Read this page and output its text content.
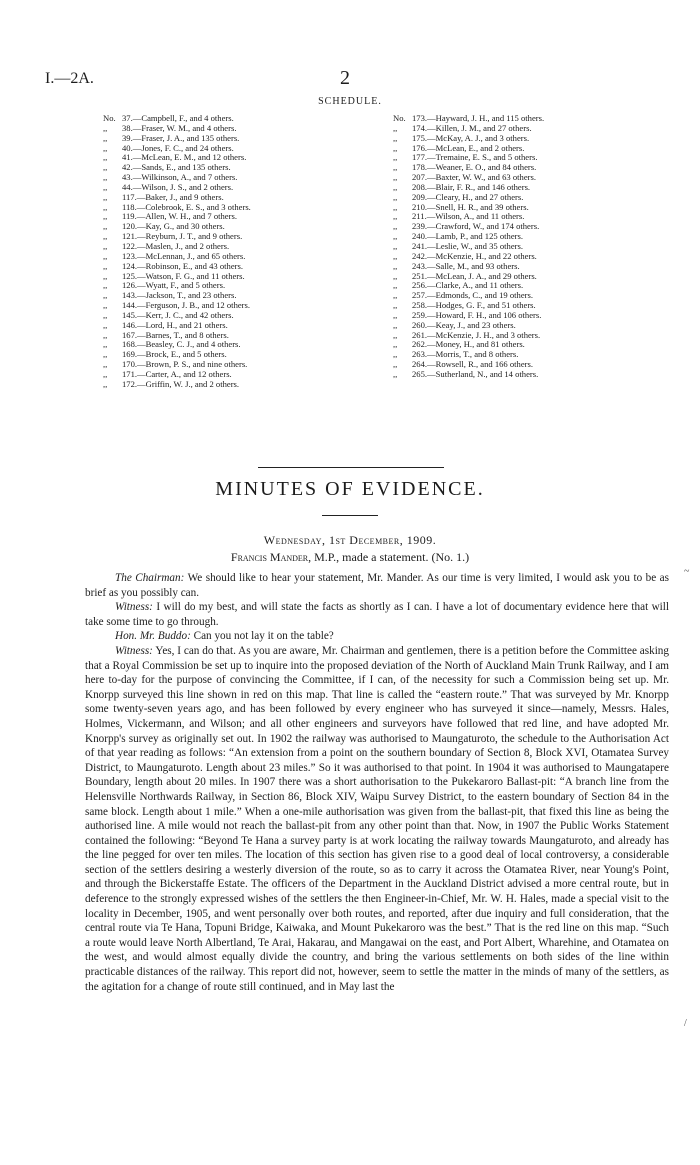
I.—2A.	2
SCHEDULE.
No. 37.—Campbell, F., and 4 others.
,,	38.—Fraser, W. M., and 4 others.
,,	39.—Fraser, J. A., and 135 others.
,,	40.—Jones, F. C., and 24 others.
,,	41.—McLean, E. M., and 12 others.
,,	42.—Sands, E., and 135 others.
,,	43.—Wilkinson, A., and 7 others.
,,	44.—Wilson, J. S., and 2 others.
,,	117.—Baker, J., and 9 others.
,,	118.—Colebrook, E. S., and 3 others.
,,	119.—Allen, W. H., and 7 others.
,,	120.—Kay, G., and 30 others.
,,	121.—Reyburn, J. T., and 9 others.
,,	122.—Maslen, J., and 2 others.
,,	123.—McLennan, J., and 65 others.
,,	124.—Robinson, E., and 43 others.
,,	125.—Watson, F. G., and 11 others.
,,	126.—Wyatt, F., and 5 others.
,,	143.—Jackson, T., and 23 others.
,,	144.—Ferguson, J. B., and 12 others.
,,	145.—Kerr, J. C., and 42 others.
,,	146.—Lord, H., and 21 others.
,,	167.—Barnes, T., and 8 others.
,,	168.—Beasley, C. J., and 4 others.
,,	169.—Brock, E., and 5 others.
,,	170.—Brown, P. S., and nine others.
,,	171.—Carter, A., and 12 others.
,,	172.—Griffin, W. J., and 2 others.
No. 173.—Hayward, J. H., and 115 others.
,,	174.—Killen, J. M., and 27 others.
,,	175.—McKay, A. J., and 3 others.
,,	176.—McLean, E., and 2 others.
,,	177.—Tremaine, E. S., and 5 others.
,,	178.—Weaner, E. O., and 84 others.
,,	207.—Baxter, W. W., and 63 others.
,,	208.—Blair, F. R., and 146 others.
,,	209.—Cleary, H., and 27 others.
,,	210.—Snell, H. R., and 39 others.
,,	211.—Wilson, A., and 11 others.
,,	239.—Crawford, W., and 174 others.
,,	240.—Lamb, P., and 125 others.
,,	241.—Leslie, W., and 35 others.
,,	242.—McKenzie, H., and 22 others.
,,	243.—Salle, M., and 93 others.
,,	251.—McLean, J. A., and 29 others.
,,	256.—Clarke, A., and 11 others.
,,	257.—Edmonds, C., and 19 others.
,,	258.—Hodges, G. F., and 51 others.
,,	259.—Howard, F. H., and 106 others.
,,	260.—Keay, J., and 23 others.
,,	261.—McKenzie, J. H., and 3 others.
,,	262.—Money, H., and 81 others.
,,	263.—Morris, T., and 8 others.
,,	264.—Rowsell, R., and 166 others.
,,	265.—Sutherland, N., and 14 others.
MINUTES OF EVIDENCE.
Wednesday, 1st December, 1909.
Francis Mander, M.P., made a statement. (No. 1.)

The Chairman: We should like to hear your statement, Mr. Mander. As our time is very limited, I would ask you to be as brief as you possibly can.

Witness: I will do my best, and will state the facts as shortly as I can. I have a lot of documentary evidence here that will take some time to go through.

Hon. Mr. Buddo: Can you not lay it on the table?

Witness: Yes, I can do that. As you are aware, Mr. Chairman and gentlemen, there is a petition before the Committee asking that a Royal Commission be set up to inquire into the proposed deviation of the North of Auckland Main Trunk Railway, and I am here to-day for the purpose of convincing the Committee, if I can, of the necessity for such a Commission being set up. Mr. Knorpp surveyed this line shown in red on this map. That line is called the “eastern route.” That was surveyed by Mr. Knorpp some twenty-seven years ago, and has been followed by every engineer who has surveyed it since—namely, Messrs. Hales, Holmes, Vickermann, and Wilson; and all other engineers and surveyors have followed that red line, and have adopted Mr. Knorpp's survey as originally set out. In 1902 the railway was authorised to Maungaturoto, the schedule to the Authorisation Act of that year reading as follows: “An extension from a point on the southern boundary of Section 8, Block XVI, Otamatea Survey District, to Maungaturoto. Length about 23 miles.” So it was authorised to that point. In 1904 it was authorised to Maungatapere Boundary, length about 20 miles. In 1907 there was a short authorisation to the Pukekaroro Ballast-pit: “A branch line from the Helensville Northwards Railway, in Section 86, Block XIV, Waipu Survey District, to the eastern boundary of Section 84 in the same block. Length about 1 mile.” When a one-mile authorisation was given from the ballast-pit, that fixed this line as being the authorised line. A mile would not reach the ballast-pit from any other point than that. Now, in 1907 the Public Works Statement contained the following: “Beyond Te Hana a survey party is at work locating the railway towards Maungaturoto, and already has the line pegged for over ten miles. The location of this section has given rise to a good deal of local controversy, a considerable section of the settlers desiring a westerly diversion of the route, so as to carry it across the Otamatea River, near Young's Point, and through the Bickerstaffe Estate. The officers of the Department in the Auckland District advised a more central route, but in deference to the strongly expressed wishes of the settlers the then Engineer-in-Chief, Mr. W. H. Hales, made a special visit to the locality in December, 1905, and went personally over both routes, and reported, after due inquiry and full consideration, that the central route via Te Hana, Topuni Bridge, Kaiwaka, and Mount Pukekaroro was the best.” That is the red line on this map. “Such a route would leave North Albertland, Te Arai, Hakarau, and Mangawai on the east, and Port Albert, Wharehine, and Otamatea on the west, and would almost equally divide the country, and bring the various settlements on both sides of the line within practicable distances of the railway. This report did not, however, seem to settle the matter in the minds of many of the settlers, as the agitation for a change of route still continued, and in May last the

~
/
